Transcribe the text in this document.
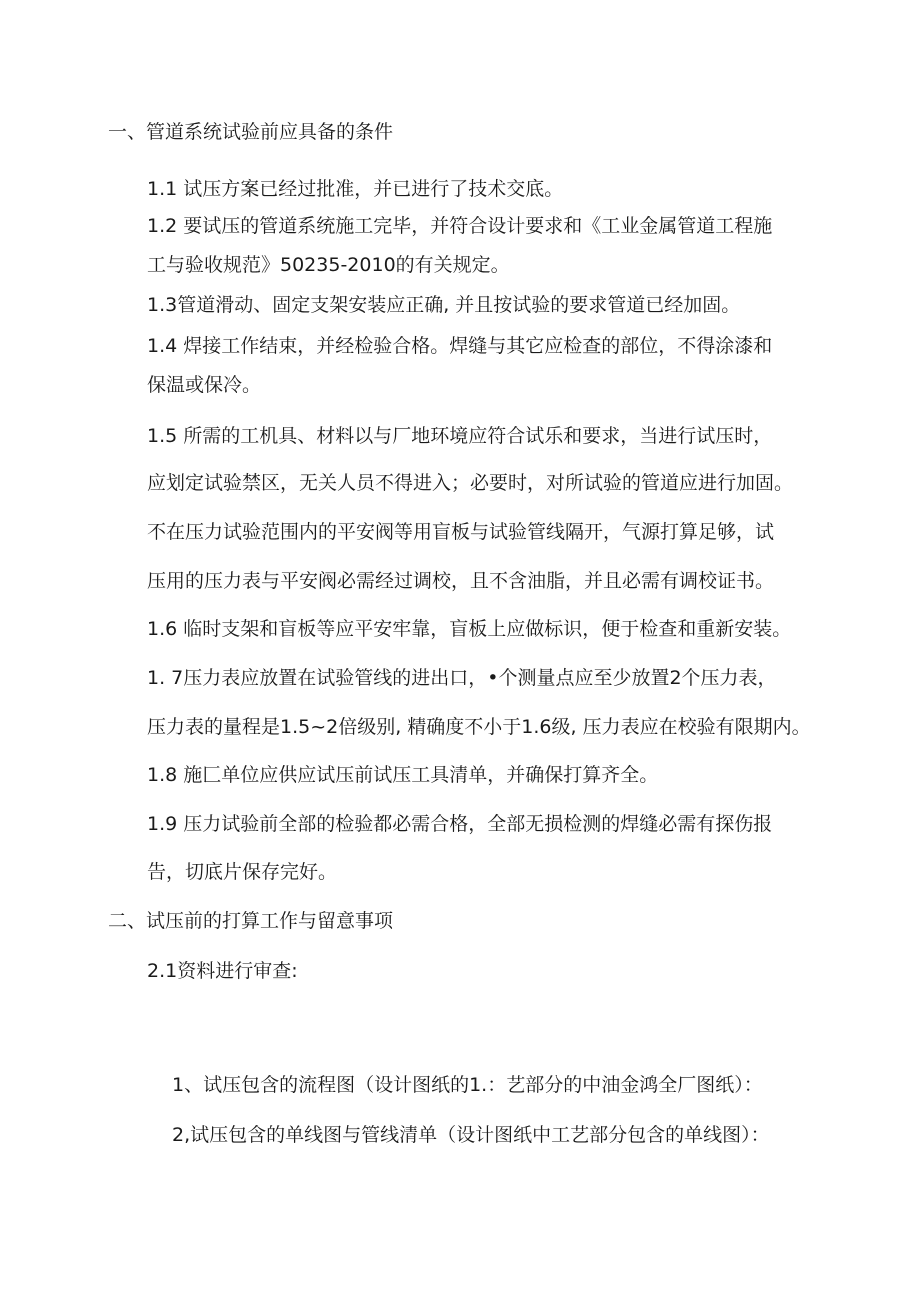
一、管道系统试验前应具备的条件
1.1 试压方案已经过批准，并已进行了技术交底。
1.2 要试压的管道系统施工完毕，并符合设计要求和《工业金属管道工程施
工与验收规范》50235-2010的有关规定。
1.3管道滑动、固定支架安装应正确, 并且按试验的要求管道已经加固。
1.4 焊接工作结束，并经检验合格。焊缝与其它应检查的部位，不得涂漆和
保温或保冷。
1.5 所需的工机具、材料以与厂地环境应符合试乐和要求，当进行试压时，
应划定试验禁区，无关人员不得进入；必要时，对所试验的管道应进行加固。
不在压力试验范围内的平安阀等用盲板与试验管线隔开，气源打算足够，试
压用的压力表与平安阀必需经过调校，且不含油脂，并且必需有调校证书。
1.6 临时支架和盲板等应平安牢靠，盲板上应做标识，便于检查和重新安装。
1. 7压力表应放置在试验管线的进出口，•个测量点应至少放置2个压力表，
压力表的量程是1.5~2倍级别, 精确度不小于1.6级, 压力表应在校验有限期内。
1.8 施匚单位应供应试压前试压工具清单，并确保打算齐全。
1.9 压力试验前全部的检验都必需合格，全部无损检测的焊缝必需有探伤报
告，切底片保存完好。
二、试压前的打算工作与留意事项
2.1资料进行审查:
1、试压包含的流程图（设计图纸的1.：艺部分的中油金鸿全厂图纸）：
2,试压包含的单线图与管线清单（设计图纸中工艺部分包含的单线图）：
